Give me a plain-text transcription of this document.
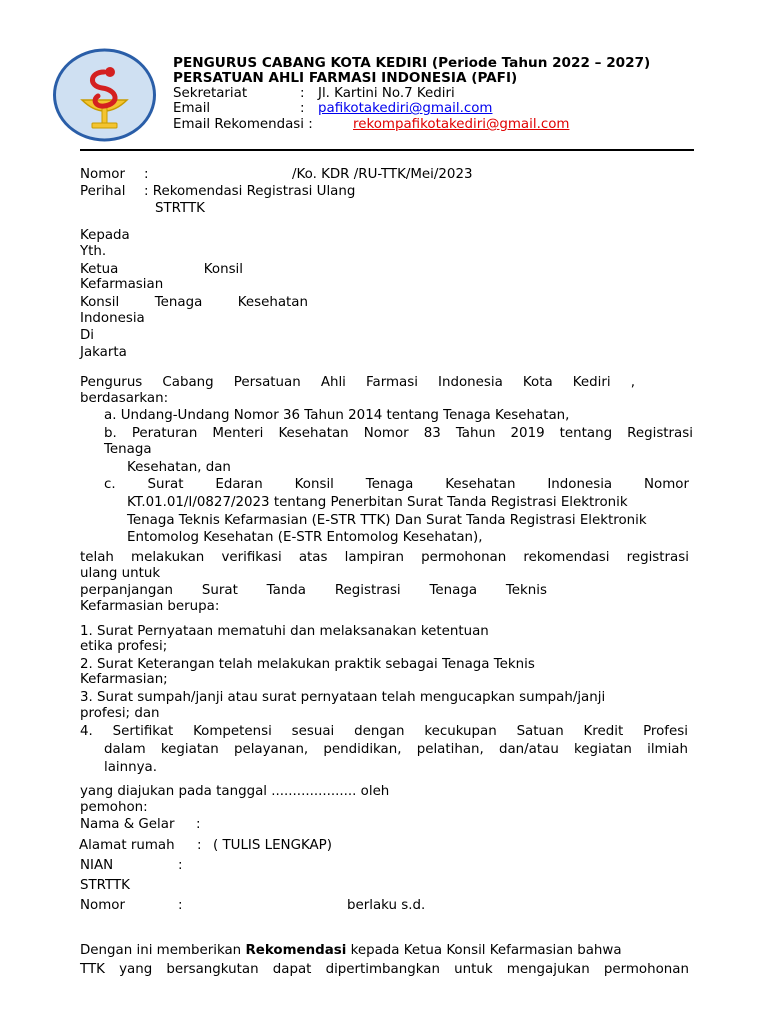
PENGURUS CABANG KOTA KEDIRI (Periode Tahun 2022 – 2027)
PERSATUAN AHLI FARMASI INDONESIA (PAFI)
Sekretariat	: Jl. Kartini No.7 Kediri
Email	: pafikotakediri@gmail.com
Email Rekomendasi :	rekompafikotakediri@gmail.com
Nomor :	/Ko. KDR /RU-TTK/Mei/2023
Perihal : Rekomendasi Registrasi Ulang
STRTTK
Kepada
Yth.
Ketua	Konsil
Kefarmasian
Konsil	Tenaga	Kesehatan
Indonesia
Di
Jakarta
Pengurus Cabang Persatuan Ahli Farmasi Indonesia Kota Kediri ,
berdasarkan:
a. Undang-Undang Nomor 36 Tahun 2014 tentang Tenaga Kesehatan,
b. Peraturan Menteri Kesehatan Nomor 83 Tahun 2019 tentang Registrasi
Tenaga
Kesehatan, dan
c. Surat Edaran Konsil Tenaga Kesehatan Indonesia Nomor
KT.01.01/I/0827/2023 tentang Penerbitan Surat Tanda Registrasi Elektronik
Tenaga Teknis Kefarmasian (E-STR TTK) Dan Surat Tanda Registrasi Elektronik
Entomolog Kesehatan (E-STR Entomolog Kesehatan),
telah melakukan verifikasi atas lampiran permohonan rekomendasi registrasi
ulang untuk
perpanjangan Surat Tanda Registrasi Tenaga Teknis
Kefarmasian berupa:
1. Surat Pernyataan mematuhi dan melaksanakan ketentuan
etika profesi;
2. Surat Keterangan telah melakukan praktik sebagai Tenaga Teknis
Kefarmasian;
3. Surat sumpah/janji atau surat pernyataan telah mengucapkan sumpah/janji
profesi; dan
4. Sertifikat Kompetensi sesuai dengan kecukupan Satuan Kredit Profesi
dalam kegiatan pelayanan, pendidikan, pelatihan, dan/atau kegiatan ilmiah
lainnya.
yang diajukan pada tanggal .................... oleh
pemohon:
Nama & Gelar :
Alamat rumah : ( TULIS LENGKAP)
NIAN	:
STRTTK
Nomor	:	berlaku s.d.
Dengan ini memberikan Rekomendasi kepada Ketua Konsil Kefarmasian bahwa
TTK yang bersangkutan dapat dipertimbangkan untuk mengajukan permohonan
